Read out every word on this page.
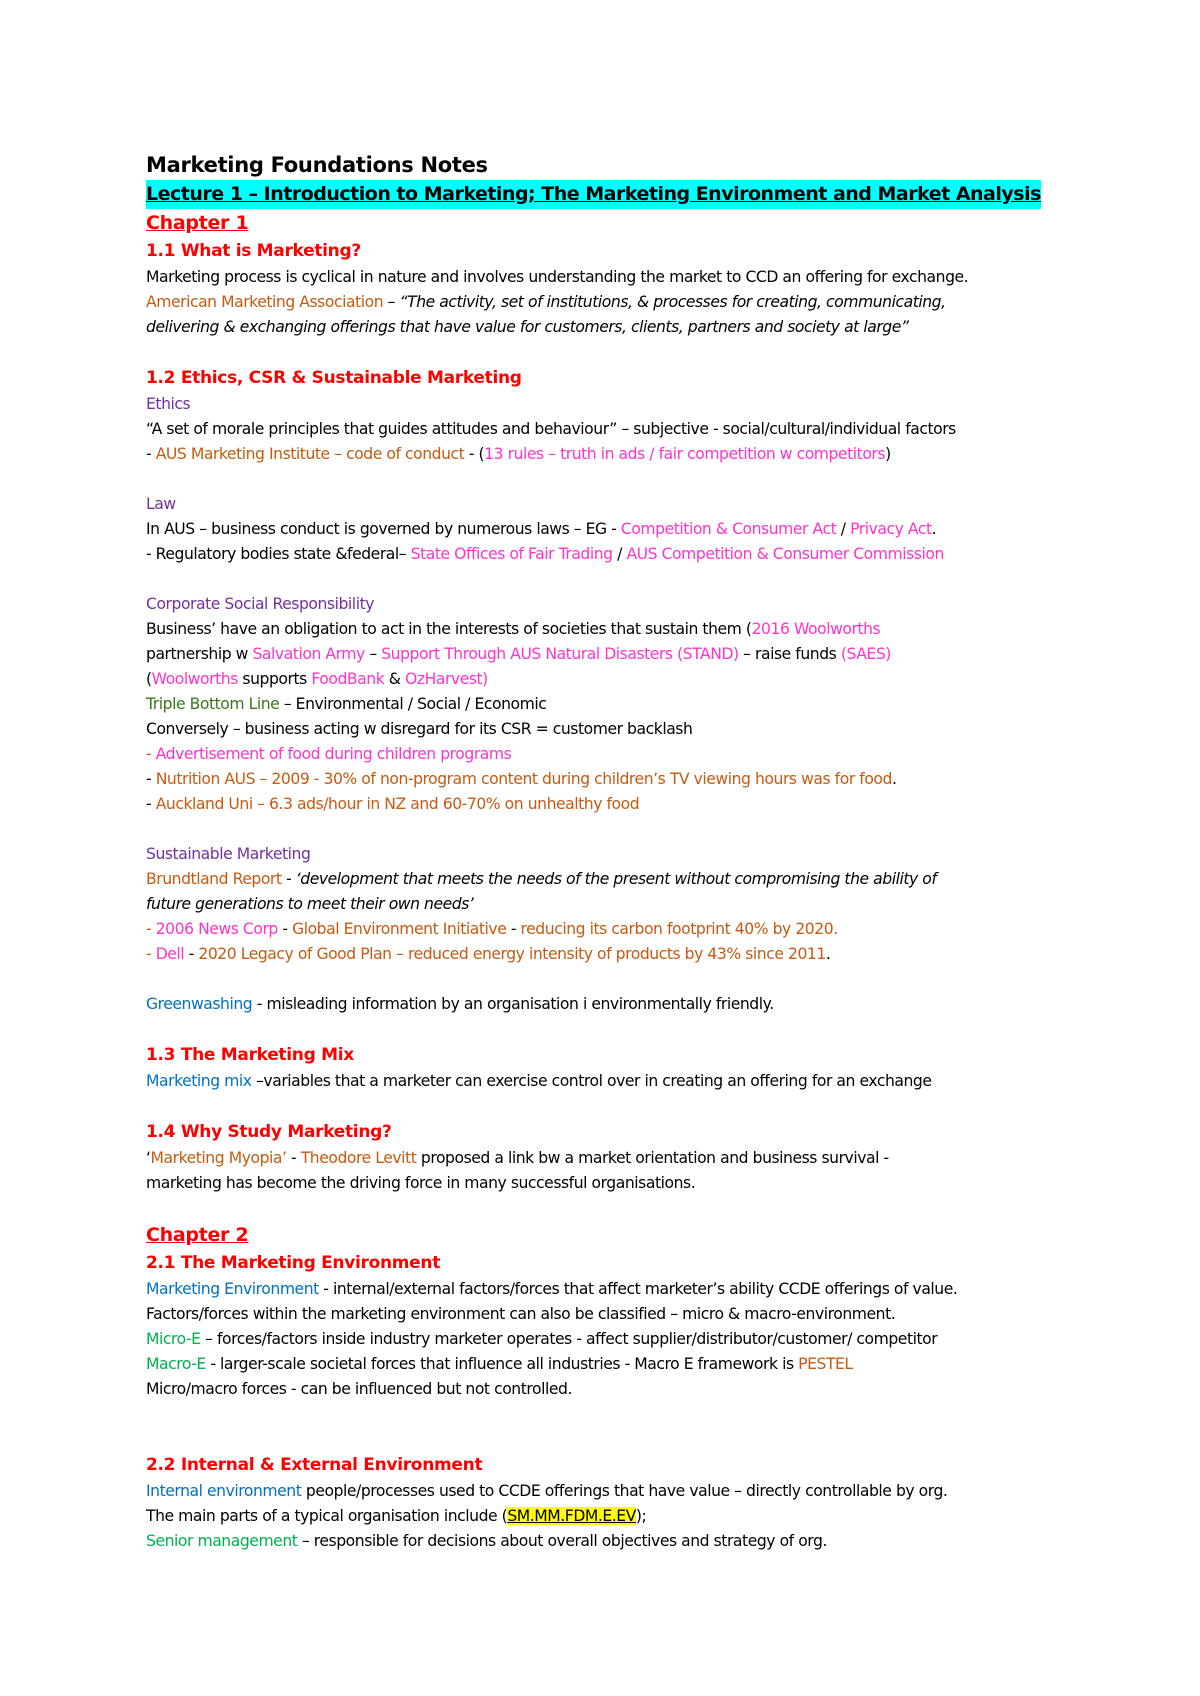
Marketing Foundations Notes
Lecture 1 – Introduction to Marketing; The Marketing Environment and Market Analysis
Chapter 1
1.1 What is Marketing?
Marketing process is cyclical in nature and involves understanding the market to CCD an offering for exchange.
American Marketing Association – “The activity, set of institutions, & processes for creating, communicating,
delivering & exchanging offerings that have value for customers, clients, partners and society at large”
1.2 Ethics, CSR & Sustainable Marketing
Ethics
“A set of morale principles that guides attitudes and behaviour” – subjective - social/cultural/individual factors
- AUS Marketing Institute – code of conduct - (13 rules – truth in ads / fair competition w competitors)
Law
In AUS – business conduct is governed by numerous laws – EG - Competition & Consumer Act / Privacy Act.
- Regulatory bodies state &federal– State Offices of Fair Trading / AUS Competition & Consumer Commission
Corporate Social Responsibility
Business’ have an obligation to act in the interests of societies that sustain them (2016 Woolworths
partnership w Salvation Army – Support Through AUS Natural Disasters (STAND) – raise funds (SAES)
(Woolworths supports FoodBank & OzHarvest)
Triple Bottom Line – Environmental / Social / Economic
Conversely – business acting w disregard for its CSR = customer backlash
- Advertisement of food during children programs
- Nutrition AUS – 2009 - 30% of non-program content during children’s TV viewing hours was for food.
- Auckland Uni – 6.3 ads/hour in NZ and 60-70% on unhealthy food
Sustainable Marketing
Brundtland Report - ‘development that meets the needs of the present without compromising the ability of
future generations to meet their own needs’
- 2006 News Corp - Global Environment Initiative - reducing its carbon footprint 40% by 2020.
- Dell - 2020 Legacy of Good Plan – reduced energy intensity of products by 43% since 2011.
Greenwashing - misleading information by an organisation i environmentally friendly.
1.3 The Marketing Mix
Marketing mix –variables that a marketer can exercise control over in creating an offering for an exchange
1.4 Why Study Marketing?
‘Marketing Myopia’ - Theodore Levitt proposed a link bw a market orientation and business survival -
marketing has become the driving force in many successful organisations.
Chapter 2
2.1 The Marketing Environment
Marketing Environment - internal/external factors/forces that affect marketer’s ability CCDE offerings of value.
Factors/forces within the marketing environment can also be classified – micro & macro-environment.
Micro-E – forces/factors inside industry marketer operates - affect supplier/distributor/customer/ competitor
Macro-E - larger-scale societal forces that influence all industries - Macro E framework is PESTEL
Micro/macro forces - can be influenced but not controlled.
2.2 Internal & External Environment
Internal environment people/processes used to CCDE offerings that have value – directly controllable by org.
The main parts of a typical organisation include (SM.MM.FDM.E.EV);
Senior management – responsible for decisions about overall objectives and strategy of org.
